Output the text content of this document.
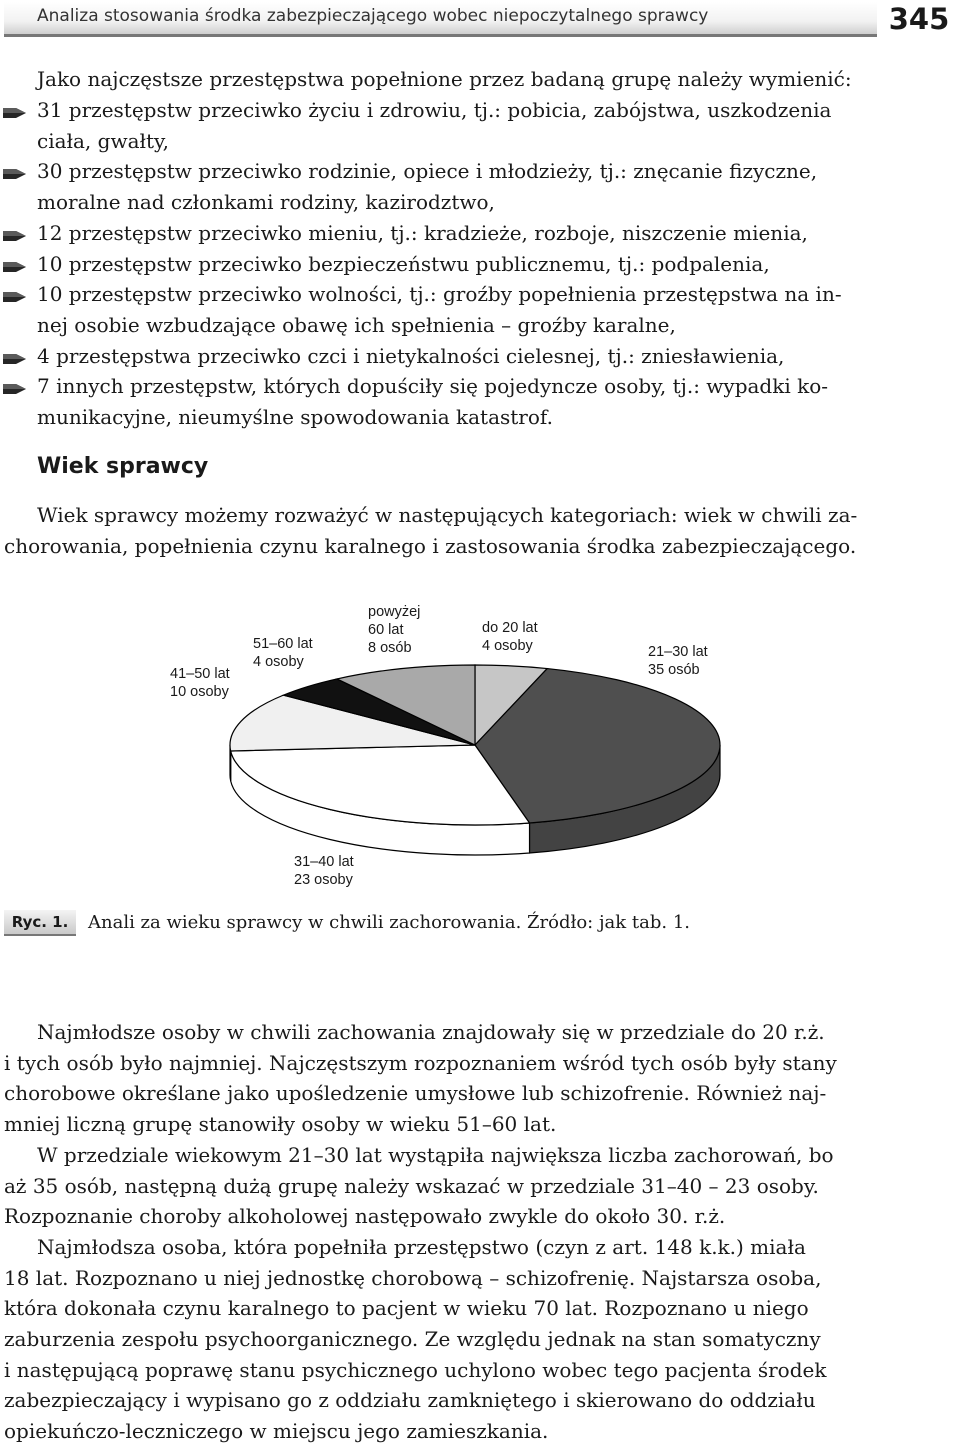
Analiza stosowania środka zabezpieczającego wobec niepoczytalnego sprawcy	345
Jako najczęstsze przestępstwa popełnione przez badaną grupę należy wymienić:
31 przestępstw przeciwko życiu i zdrowiu, tj.: pobicia, zabójstwa, uszkodzenia
ciała, gwałty,
30 przestępstw przeciwko rodzinie, opiece i młodzieży, tj.: znęcanie fizyczne,
moralne nad członkami rodziny, kazirodztwo,
12 przestępstw przeciwko mieniu, tj.: kradzieże, rozboje, niszczenie mienia,
10 przestępstw przeciwko bezpieczeństwu publicznemu, tj.: podpalenia,
10 przestępstw przeciwko wolności, tj.: groźby popełnienia przestępstwa na in-
nej osobie wzbudzające obawę ich spełnienia – groźby karalne,
4 przestępstwa przeciwko czci i nietykalności cielesnej, tj.: zniesławienia,
7 innych przestępstw, których dopuściły się pojedyncze osoby, tj.: wypadki ko-
munikacyjne, nieumyślne spowodowania katastrof.
Wiek sprawcy
Wiek sprawcy możemy rozważyć w następujących kategoriach: wiek w chwili za-
chorowania, popełnienia czynu karalnego i zastosowania środka zabezpieczającego.
do 20 lat
4 osoby	21–30 lat
35 osób
31–40 lat
23 osoby
41–50 lat
10 osoby
51–60 lat
4 osoby
powyżej
60 lat
8 osób
Ryc. 1.	Anali za wieku sprawcy w chwili zachorowania. Źródło: jak tab. 1.
Najmłodsze osoby w chwili zachowania znajdowały się w przedziale do 20 r.ż.
i tych osób było najmniej. Najczęstszym rozpoznaniem wśród tych osób były stany
chorobowe określane jako upośledzenie umysłowe lub schizofrenie. Również naj-
mniej liczną grupę stanowiły osoby w wieku 51–60 lat.
W przedziale wiekowym 21–30 lat wystąpiła największa liczba zachorowań, bo
aż 35 osób, następną dużą grupę należy wskazać w przedziale 31–40 – 23 osoby.
Rozpoznanie choroby alkoholowej następowało zwykle do około 30. r.ż.
Najmłodsza osoba, która popełniła przestępstwo (czyn z art. 148 k.k.) miała
18 lat. Rozpoznano u niej jednostkę chorobową – schizofrenię. Najstarsza osoba,
która dokonała czynu karalnego to pacjent w wieku 70 lat. Rozpoznano u niego
zaburzenia zespołu psychoorganicznego. Ze względu jednak na stan somatyczny
i następującą poprawę stanu psychicznego uchylono wobec tego pacjenta środek
zabezpieczający i wypisano go z oddziału zamkniętego i skierowano do oddziału
opiekuńczo-leczniczego w miejscu jego zamieszkania.
